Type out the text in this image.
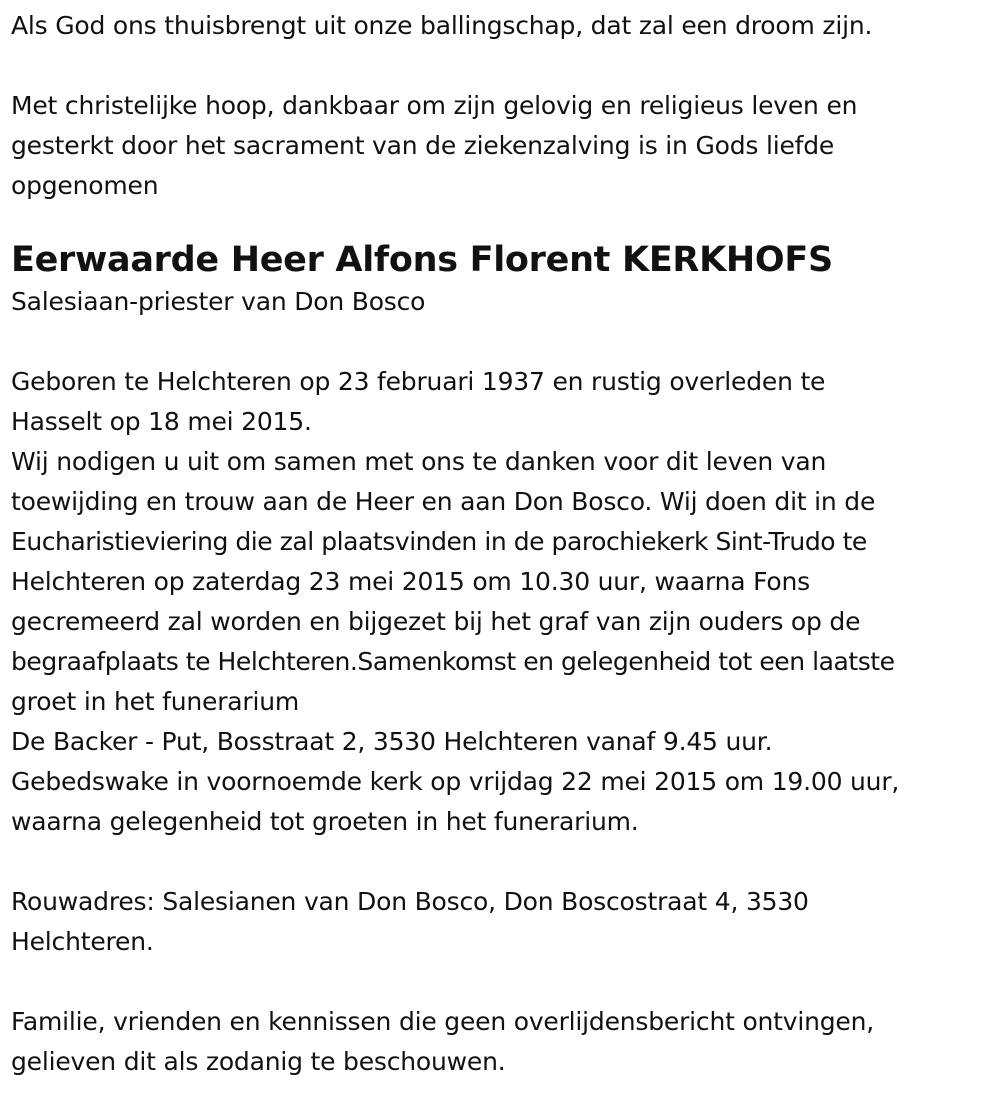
Als God ons thuisbrengt uit onze ballingschap, dat zal een droom zijn.
Met christelijke hoop, dankbaar om zijn gelovig en religieus leven en
gesterkt door het sacrament van de ziekenzalving is in Gods liefde
opgenomen
Eerwaarde Heer Alfons Florent KERKHOFS
Salesiaan-priester van Don Bosco
Geboren te Helchteren op 23 februari 1937 en rustig overleden te
Hasselt op 18 mei 2015.
Wij nodigen u uit om samen met ons te danken voor dit leven van
toewijding en trouw aan de Heer en aan Don Bosco. Wij doen dit in de
Eucharistieviering die zal plaatsvinden in de parochiekerk Sint-Trudo te
Helchteren op zaterdag 23 mei 2015 om 10.30 uur, waarna Fons
gecremeerd zal worden en bijgezet bij het graf van zijn ouders op de
begraafplaats te Helchteren.Samenkomst en gelegenheid tot een laatste
groet in het funerarium
De Backer - Put, Bosstraat 2, 3530 Helchteren vanaf 9.45 uur.
Gebedswake in voornoemde kerk op vrijdag 22 mei 2015 om 19.00 uur,
waarna gelegenheid tot groeten in het funerarium.
Rouwadres: Salesianen van Don Bosco, Don Boscostraat 4, 3530
Helchteren.
Familie, vrienden en kennissen die geen overlijdensbericht ontvingen,
gelieven dit als zodanig te beschouwen.
